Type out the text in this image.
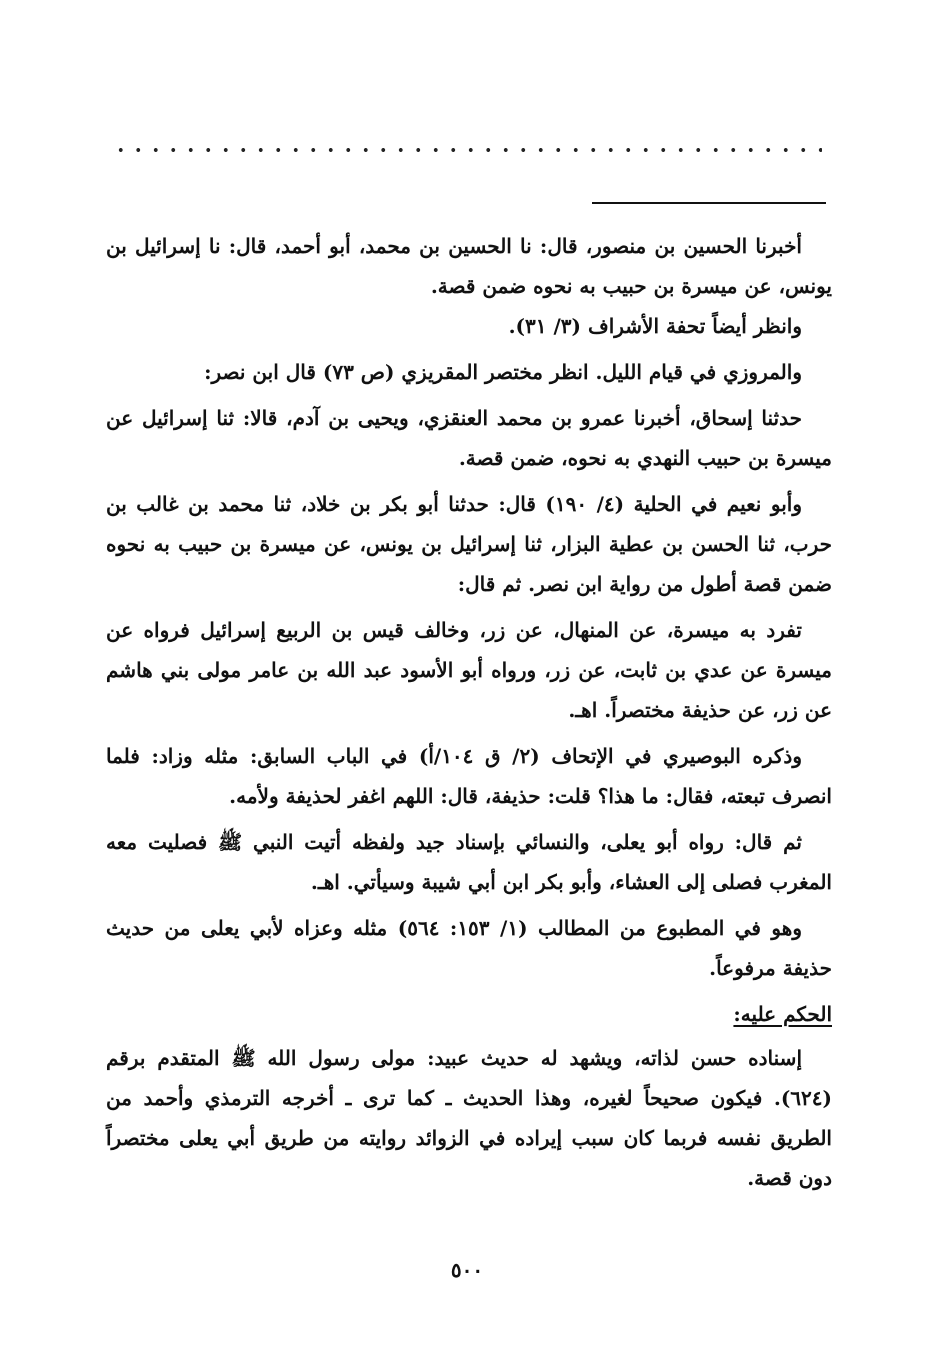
أخبرنا الحسين بن منصور، قال: نا الحسين بن محمد، أبو أحمد، قال: نا إسرائيل بن يونس، عن ميسرة بن حبيب به نحوه ضمن قصة.

وانظر أيضاً تحفة الأشراف (٣/ ٣١).

والمروزي في قيام الليل. انظر مختصر المقريزي (ص ٧٣) قال ابن نصر:

حدثنا إسحاق، أخبرنا عمرو بن محمد العنقزي، ويحيى بن آدم، قالا: ثنا إسرائيل عن ميسرة بن حبيب النهدي به نحوه، ضمن قصة.

وأبو نعيم في الحلية (٤/ ١٩٠) قال: حدثنا أبو بكر بن خلاد، ثنا محمد بن غالب بن حرب، ثنا الحسن بن عطية البزار، ثنا إسرائيل بن يونس، عن ميسرة بن حبيب به نحوه ضمن قصة أطول من رواية ابن نصر. ثم قال:

تفرد به ميسرة، عن المنهال، عن زر، وخالف قيس بن الربيع إسرائيل فرواه عن ميسرة عن عدي بن ثابت، عن زر، ورواه أبو الأسود عبد الله بن عامر مولى بني هاشم عن زر، عن حذيفة مختصراً. اهـ.

وذكره البوصيري في الإتحاف (٢/ ق ١٠٤/أ) في الباب السابق: مثله وزاد: فلما انصرف تبعته، فقال: ما هذا؟ قلت: حذيفة، قال: اللهم اغفر لحذيفة ولأمه.

ثم قال: رواه أبو يعلى، والنسائي بإسناد جيد ولفظه أتيت النبي ﷺ فصليت معه المغرب فصلى إلى العشاء، وأبو بكر ابن أبي شيبة وسيأتي. اهـ.

وهو في المطبوع من المطالب (١/ ١٥٣: ٥٦٤) مثله وعزاه لأبي يعلى من حديث حذيفة مرفوعاً.

الحكم عليه:

إسناده حسن لذاته، ويشهد له حديث عبيد: مولى رسول الله ﷺ المتقدم برقم (٦٢٤). فيكون صحيحاً لغيره، وهذا الحديث ـ كما ترى ـ أخرجه الترمذي وأحمد من الطريق نفسه فربما كان سبب إيراده في الزوائد روايته من طريق أبي يعلى مختصراً دون قصة.

٥٠٠
